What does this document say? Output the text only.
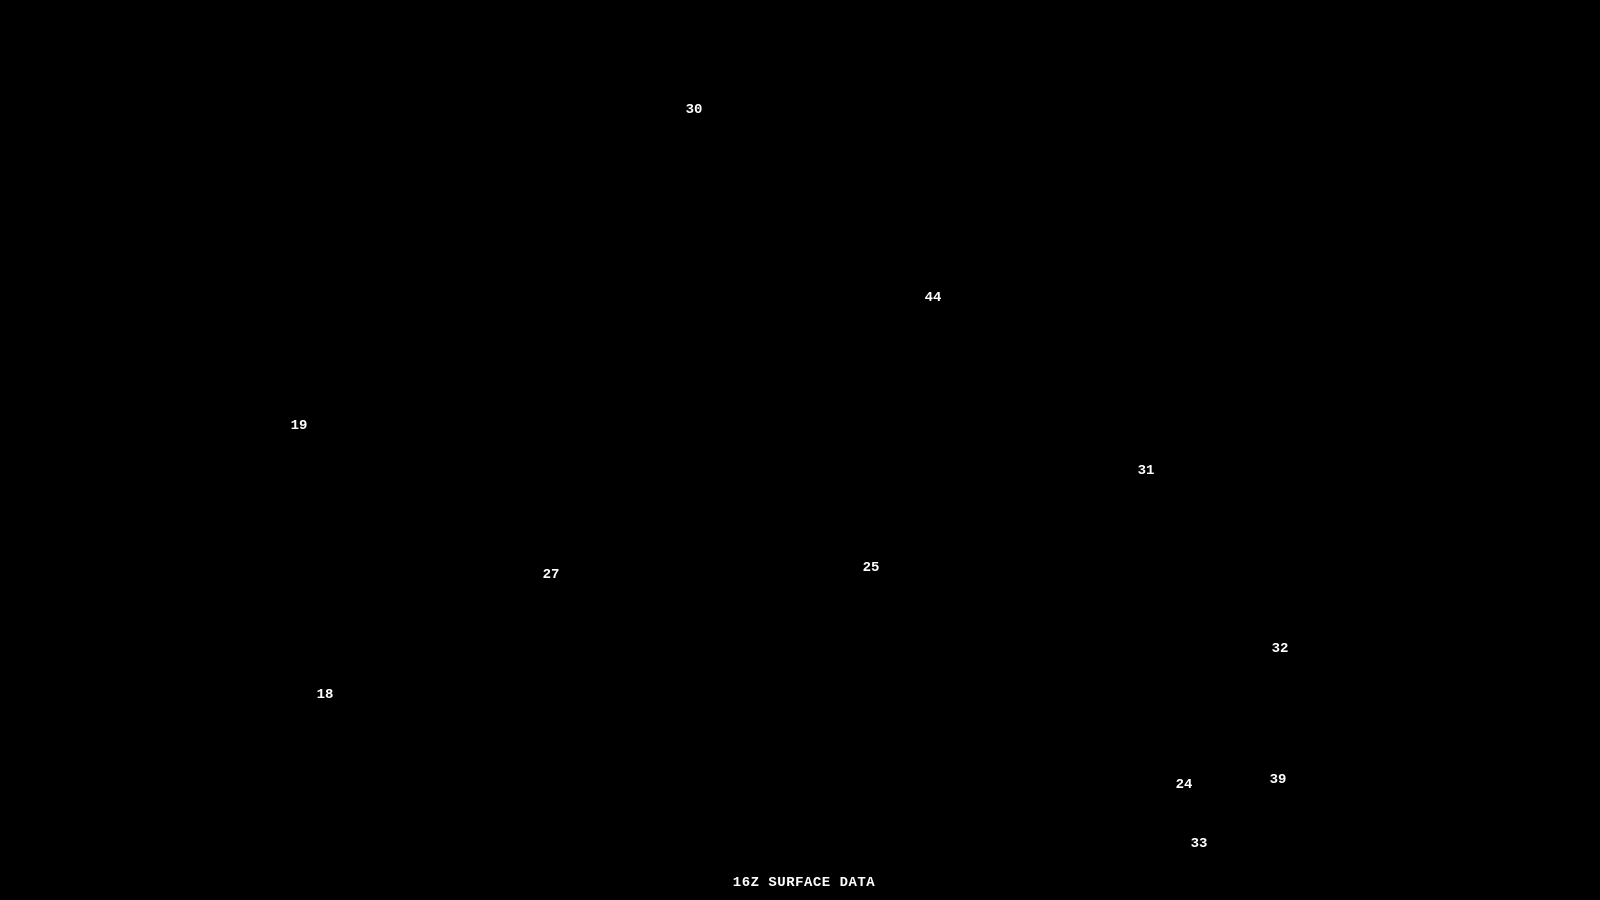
30
44
19
31
27	25
32
18
24	39
33
16Z SURFACE DATA
